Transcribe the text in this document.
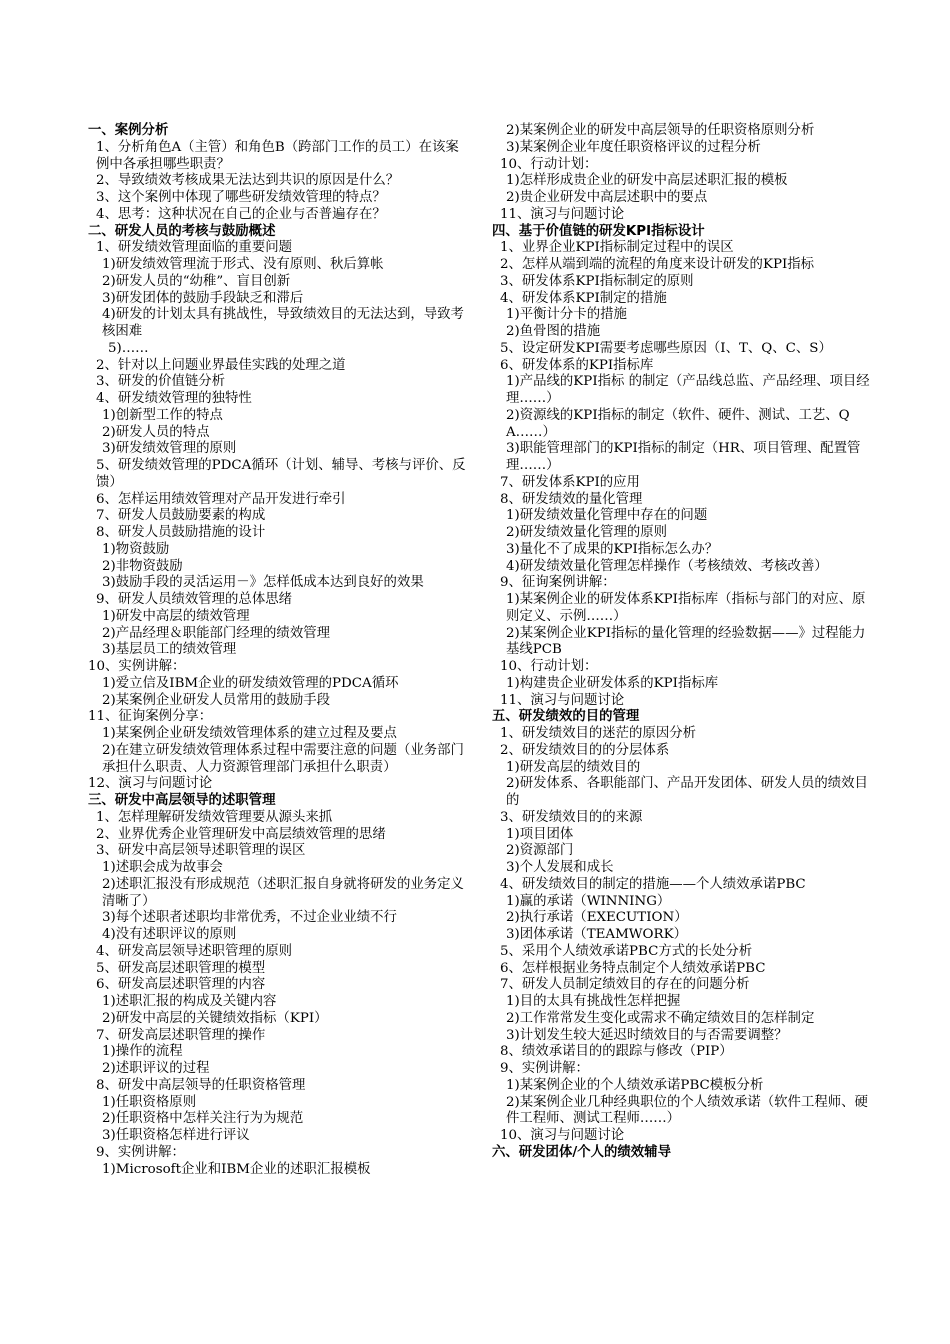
一、案例分析
1、分析角色A（主管）和角色B（跨部门工作的员工）在该案例中各承担哪些职责？
2、导致绩效考核成果无法达到共识的原因是什么？
3、这个案例中体现了哪些研发绩效管理的特点？
4、思考：这种状况在自己的企业与否普遍存在？
二、研发人员的考核与鼓励概述
1、研发绩效管理面临的重要问题
1)研发绩效管理流于形式、没有原则、秋后算帐
2)研发人员的“幼稚”、盲目创新
3)研发团体的鼓励手段缺乏和滞后
4)研发的计划太具有挑战性，导致绩效目的无法达到，导致考核困难
5)……
2、针对以上问题业界最佳实践的处理之道
3、研发的价值链分析
4、研发绩效管理的独特性
1)创新型工作的特点
2)研发人员的特点
3)研发绩效管理的原则
5、研发绩效管理的PDCA循环（计划、辅导、考核与评价、反馈）
6、怎样运用绩效管理对产品开发进行牵引
7、研发人员鼓励要素的构成
8、研发人员鼓励措施的设计
1)物资鼓励
2)非物资鼓励
3)鼓励手段的灵活运用－》怎样低成本达到良好的效果
9、研发人员绩效管理的总体思绪
1)研发中高层的绩效管理
2)产品经理＆职能部门经理的绩效管理
3)基层员工的绩效管理
10、实例讲解：
1)爱立信及IBM企业的研发绩效管理的PDCA循环
2)某案例企业研发人员常用的鼓励手段
11、征询案例分享：
1)某案例企业研发绩效管理体系的建立过程及要点
2)在建立研发绩效管理体系过程中需要注意的问题（业务部门承担什么职责、人力资源管理部门承担什么职责）
12、演习与问题讨论
三、研发中高层领导的述职管理
1、怎样理解研发绩效管理要从源头来抓
2、业界优秀企业管理研发中高层绩效管理的思绪
3、研发中高层领导述职管理的误区
1)述职会成为故事会
2)述职汇报没有形成规范（述职汇报自身就将研发的业务定义清晰了）
3)每个述职者述职均非常优秀，不过企业业绩不行
4)没有述职评议的原则
4、研发高层领导述职管理的原则
5、研发高层述职管理的模型
6、研发高层述职管理的内容
1)述职汇报的构成及关键内容
2)研发中高层的关键绩效指标（KPI）
7、研发高层述职管理的操作
1)操作的流程
2)述职评议的过程
8、研发中高层领导的任职资格管理
1)任职资格原则
2)任职资格中怎样关注行为为规范
3)任职资格怎样进行评议
9、实例讲解：
1)Microsoft企业和IBM企业的述职汇报模板
2)某案例企业的研发中高层领导的任职资格原则分析
3)某案例企业年度任职资格评议的过程分析
10、行动计划：
1)怎样形成贵企业的研发中高层述职汇报的模板
2)贵企业研发中高层述职中的要点
11、演习与问题讨论
四、基于价值链的研发KPI指标设计
1、业界企业KPI指标制定过程中的误区
2、怎样从端到端的流程的角度来设计研发的KPI指标
3、研发体系KPI指标制定的原则
4、研发体系KPI制定的措施
1)平衡计分卡的措施
2)鱼骨图的措施
5、设定研发KPI需要考虑哪些原因（I、T、Q、C、S）
6、研发体系的KPI指标库
1)产品线的KPI指标 的制定（产品线总监、产品经理、项目经理……）
2)资源线的KPI指标的制定（软件、硬件、测试、工艺、QA……）
3)职能管理部门的KPI指标的制定（HR、项目管理、配置管理……）
7、研发体系KPI的应用
8、研发绩效的量化管理
1)研发绩效量化管理中存在的问题
2)研发绩效量化管理的原则
3)量化不了成果的KPI指标怎么办？
4)研发绩效量化管理怎样操作（考核绩效、考核改善）
9、征询案例讲解：
1)某案例企业的研发体系KPI指标库（指标与部门的对应、原则定义、示例……）
2)某案例企业KPI指标的量化管理的经验数据——》过程能力基线PCB
10、行动计划：
1)构建贵企业研发体系的KPI指标库
11、演习与问题讨论
五、研发绩效的目的管理
1、研发绩效目的迷茫的原因分析
2、研发绩效目的的分层体系
1)研发高层的绩效目的
2)研发体系、各职能部门、产品开发团体、研发人员的绩效目的
3、研发绩效目的的来源
1)项目团体
2)资源部门
3)个人发展和成长
4、研发绩效目的制定的措施——个人绩效承诺PBC
1)赢的承诺（WINNING）
2)执行承诺（EXECUTION）
3)团体承诺（TEAMWORK）
5、采用个人绩效承诺PBC方式的长处分析
6、怎样根据业务特点制定个人绩效承诺PBC
7、研发人员制定绩效目的存在的问题分析
1)目的太具有挑战性怎样把握
2)工作常常发生变化或需求不确定绩效目的怎样制定
3)计划发生较大延迟时绩效目的与否需要调整？
8、绩效承诺目的的跟踪与修改（PIP）
9、实例讲解：
1)某案例企业的个人绩效承诺PBC模板分析
2)某案例企业几种经典职位的个人绩效承诺（软件工程师、硬件工程师、测试工程师……）
10、演习与问题讨论
六、研发团体/个人的绩效辅导
